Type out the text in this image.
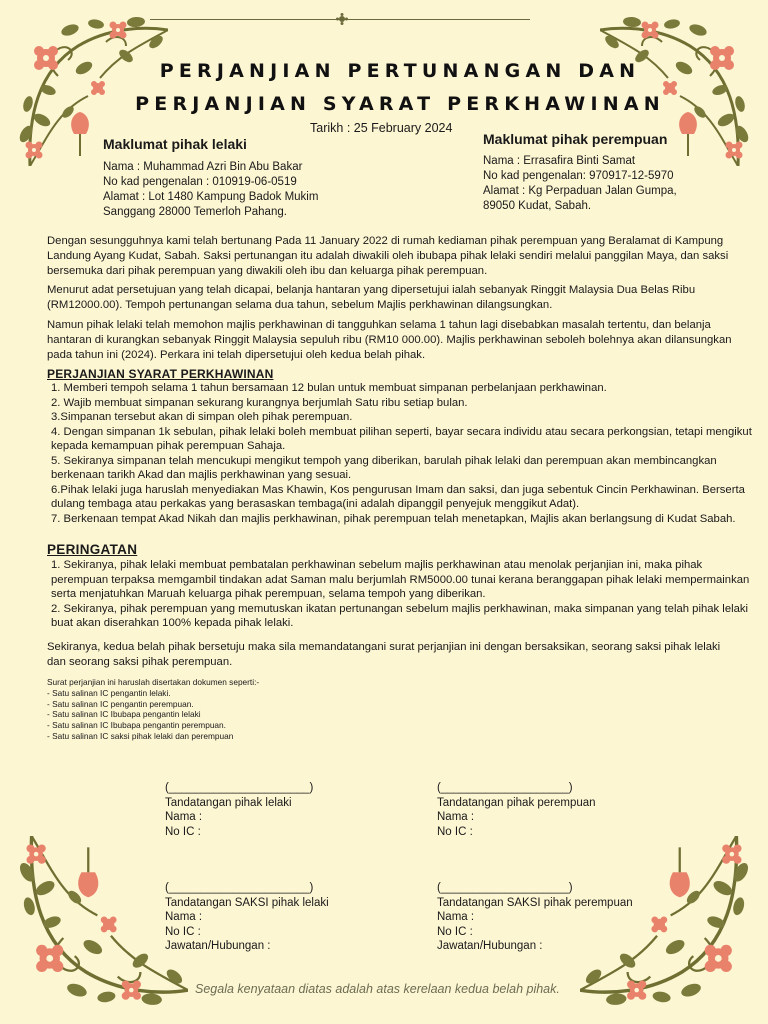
PERJANJIAN PERTUNANGAN DAN
PERJANJIAN SYARAT PERKHAWINAN
Tarikh : 25 February 2024
Maklumat pihak lelaki
Nama : Muhammad Azri Bin Abu Bakar
No kad pengenalan : 010919-06-0519
Alamat : Lot 1480 Kampung Badok Mukim
Sanggang 28000 Temerloh Pahang.
Maklumat pihak perempuan
Nama : Errasafira Binti Samat
No kad pengenalan: 970917-12-5970
Alamat : Kg Perpaduan Jalan Gumpa,
89050 Kudat, Sabah.

Dengan sesungguhnya kami telah bertunang Pada 11 January 2022 di rumah kediaman pihak perempuan yang Beralamat di Kampung Landung Ayang Kudat, Sabah. Saksi pertunangan itu adalah diwakili oleh ibubapa pihak lelaki sendiri melalui panggilan Maya, dan saksi bersemuka dari pihak perempuan yang diwakili oleh ibu dan keluarga pihak perempuan.

Menurut adat persetujuan yang telah dicapai, belanja hantaran yang dipersetujui ialah sebanyak Ringgit Malaysia Dua Belas Ribu (RM12000.00). Tempoh pertunangan selama dua tahun, sebelum Majlis perkhawinan dilangsungkan.

Namun pihak lelaki telah memohon majlis perkhawinan di tangguhkan selama 1 tahun lagi disebabkan masalah tertentu, dan belanja hantaran di kurangkan sebanyak Ringgit Malaysia sepuluh ribu (RM10 000.00). Majlis perkhawinan seboleh bolehnya akan dilansungkan pada tahun ini (2024). Perkara ini telah dipersetujui oleh kedua belah pihak.

PERJANJIAN SYARAT PERKHAWINAN
1. Memberi tempoh selama 1 tahun bersamaan 12 bulan untuk membuat simpanan perbelanjaan perkhawinan.
2. Wajib membuat simpanan sekurang kurangnya berjumlah Satu ribu setiap bulan.
3.Simpanan tersebut akan di simpan oleh pihak perempuan.
4. Dengan simpanan 1k sebulan, pihak lelaki boleh membuat pilihan seperti, bayar secara individu atau secara perkongsian, tetapi mengikut kepada kemampuan pihak perempuan Sahaja.
5. Sekiranya simpanan telah mencukupi mengikut tempoh yang diberikan, barulah pihak lelaki dan perempuan akan membincangkan berkenaan tarikh Akad dan majlis perkhawinan yang sesuai.
6.Pihak lelaki juga haruslah menyediakan Mas Khawin, Kos pengurusan Imam dan saksi, dan juga sebentuk Cincin Perkhawinan. Berserta dulang tembaga atau perkakas yang berasaskan tembaga(ini adalah dipanggil penyejuk menggikut Adat).
7. Berkenaan tempat Akad Nikah dan majlis perkhawinan, pihak perempuan telah menetapkan, Majlis akan berlangsung di Kudat Sabah.
PERINGATAN
1. Sekiranya, pihak lelaki membuat pembatalan perkhawinan sebelum majlis perkhawinan atau menolak perjanjian ini, maka pihak perempuan terpaksa memgambil tindakan adat Saman malu berjumlah RM5000.00 tunai kerana beranggapan pihak lelaki mempermainkan serta menjatuhkan Maruah keluarga pihak perempuan, selama tempoh yang diberikan.
2. Sekiranya, pihak perempuan yang memutuskan ikatan pertunangan sebelum majlis perkhawinan, maka simpanan yang telah pihak lelaki buat akan diserahkan 100% kepada pihak lelaki.

Sekiranya, kedua belah pihak bersetuju maka sila memandatangani surat perjanjian ini dengan bersaksikan, seorang saksi pihak lelaki dan seorang saksi pihak perempuan.

Surat perjanjian ini haruslah disertakan dokumen seperti:-
- Satu salinan IC pengantin lelaki.
- Satu salinan IC pengantin perempuan.
- Satu salinan IC Ibubapa pengantin lelaki
- Satu salinan IC Ibubapa pengantin perempuan.
- Satu salinan IC saksi pihak lelaki dan perempuan
(______________________)
Tandatangan pihak lelaki
Nama :
No IC :
(____________________)
Tandatangan pihak perempuan
Nama :
No IC :
(______________________)
Tandatangan SAKSI pihak lelaki
Nama :
No IC :
Jawatan/Hubungan :
(____________________)
Tandatangan SAKSI pihak perempuan
Nama :
No IC :
Jawatan/Hubungan :
Segala kenyataan diatas adalah atas kerelaan kedua belah pihak.
